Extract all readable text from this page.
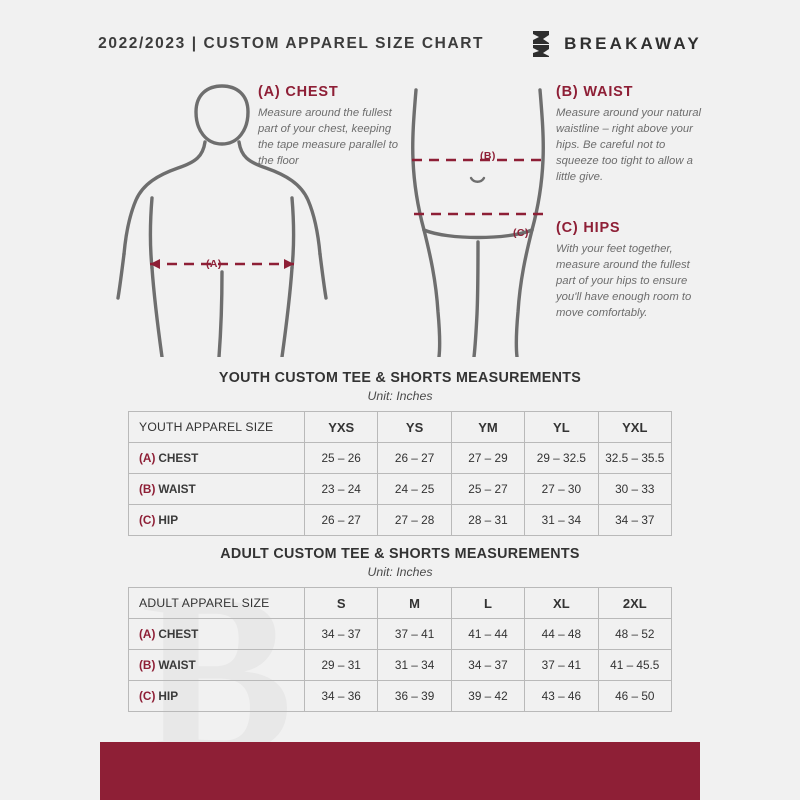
2022/2023 | CUSTOM APPAREL SIZE CHART	BREAKAWAY
(A)
(B)
(C)
(A) CHEST
Measure around the fullest part of your chest, keeping the tape measure parallel to the floor
(B) WAIST
Measure around your natural waistline – right above your hips. Be careful not to squeeze too tight to allow a little give.
(C) HIPS
With your feet together, measure around the fullest part of your hips to ensure you'll have enough room to move comfortably.
YOUTH CUSTOM TEE & SHORTS MEASUREMENTS
Unit: Inches
YOUTH APPAREL SIZE	YXS	YS	YM	YL	YXL
(A) CHEST	25 – 26	26 – 27	27 – 29	29 – 32.5	32.5 – 35.5
(B) WAIST	23 – 24	24 – 25	25 – 27	27 – 30	30 – 33
(C) HIP	26 – 27	27 – 28	28 – 31	31 – 34	34 – 37
ADULT CUSTOM TEE & SHORTS MEASUREMENTS
Unit: Inches
ADULT APPAREL SIZE	S	M	L	XL	2XL
(A) CHEST	34 – 37	37 – 41	41 – 44	44 – 48	48 – 52
(B) WAIST	29 – 31	31 – 34	34 – 37	37 – 41	41 – 45.5
(C) HIP	34 – 36	36 – 39	39 – 42	43 – 46	46 – 50
